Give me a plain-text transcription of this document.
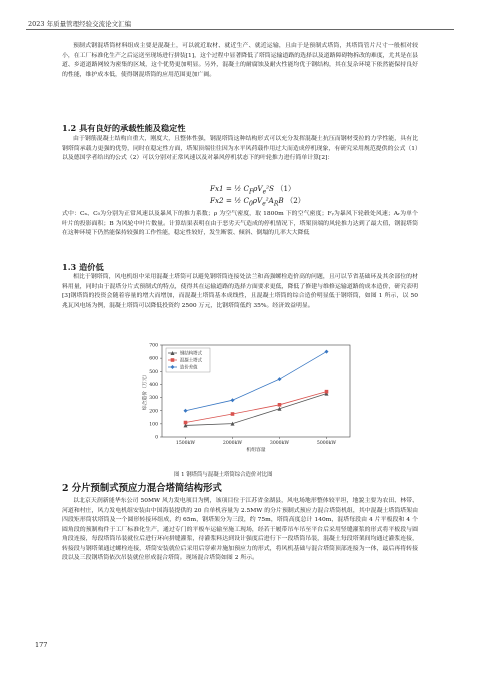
2023 年质量管理经验交流论文汇编

预制式钢混塔筒材料组成主要是混凝土，可以就近取材、就近生产、就近运输，且由于是预制式塔筒，其塔筒管片尺寸一般相对较小，在工厂标准化生产之后运送至现场进行拼装[1]，这个过程中显著降低了塔筒运输道路的选择以及道路障碍物拆改的难度，尤其是在县道、乡道道路网较为密集的区域，这个优势更加明显。另外，混凝土的耐腐蚀及耐火性能均优于钢结构，其在复杂环境下依然能保持良好的性能，维护成本低，使得钢混塔筒的应用范围更加广阔。

1.2 具有良好的承载性能及稳定性

由于钢筋混凝土结构自重大，刚度大，且整体性强，钢混塔筒这种结构形式可以充分发挥混凝土抗压而钢材受拉的力学性能，具有比钢塔筒承载力更强的优势，同时在稳定性方面，塔架顶端往往因为水平风荷载作用过大而造成停机现象，有研究采用规范提供的公式（1）以及德国学者给出的公式（2）可以分别对正常风速以及对暴风停机状态下的叶轮推力进行简单计算[2]：

Fx1 = ½ $C_F\rho V_e^2S$ （1）
Fx2 = ½ $C_0\rho V_e^2A_RB$ （2）

式中：Cₙ、C₀为分别为正常风速以及暴风下的推力系数；ρ 为空气密度，取 1800m 下的空气密度；Fᵧ为暴风下轮毂处风速；Aᵣ为单个叶片的投影面积；B 为风轮中叶片数量。计算结果表明在由于恶劣天气造成的停机情况下，塔架顶端的风轮推力达到了最大值，钢混塔筒在这种环境下仍然能保持较强的工作性能，稳定性较好，发生断裂、倾斜、倒塌的几率大大降低

1.3 造价低

相比于钢塔筒，风电机组中采用混凝土塔筒可以避免钢塔筒连接处法兰和高强螺栓造价高的问题，且可以节省基础环及其余部位的材料用量，同时由于混塔分片式预制式的特点，使得其在运输道路的选择方面要求更低，降低了修建与维修运输道路的成本造价，研究表明[3]钢塔筒的投资会随着容量的增大而增加，而混凝土塔筒基本成线性，且混凝土塔筒的综合造价明显低于钢塔筒，如图 1 所示，以 50 兆瓦风电场为例，混凝土塔筒可以降低投资约 2500 万元，比钢塔筒低约 35%。经济效益明显。

0
100
200
300
400
500
600
700
1500kW	2000kW	3000kW	5000kW
机组容量
综合造价（万元）
钢结构塔式
混凝土塔式
造价差值
图 1 钢塔筒与混凝土塔筒综合造价对比图
2 分片预制式预应力混合塔筒结构形式

以北京天润新能华东公司 50MW 风力发电项目为例，该项目位于江苏省金湖县，风电场地形整体较平坦，地貌主要为农田、林带、河道和村庄，风力发电机组安装由中国海装提供的 20 台单机容量为 2.5MW 的分片预制式预应力混合塔筒机组，其中混凝土塔筒塔架由四段矩形筒状塔筒及一个圆形转接环组成，约 65m，钢塔架分为三段，约 75m，塔筒高度总计 140m，混塔每段由 4 片平板段和 4 个圆角段的预制构件于工厂标准化生产，通过专门的平板车运输至施工现场，经若干履带吊车吊至平台后采用竖缝灌浆的形式将平板段与圆角段连接，每段塔筒吊装就位后进行环向拼缝灌浆，待灌浆料达到设计强度后进行下一段塔筒吊装，混凝土每段塔架间均通过灌浆连接，转接段与钢塔架通过螺栓连接，塔筒安装就位后采用后穿索并施加预应力的形式，将风机基础与混合塔筒顶部连接为一体，最后再将转接段以及三段钢塔筒依次吊装就位形成混合塔筒。现场混合塔筒如图 2 所示。

177
